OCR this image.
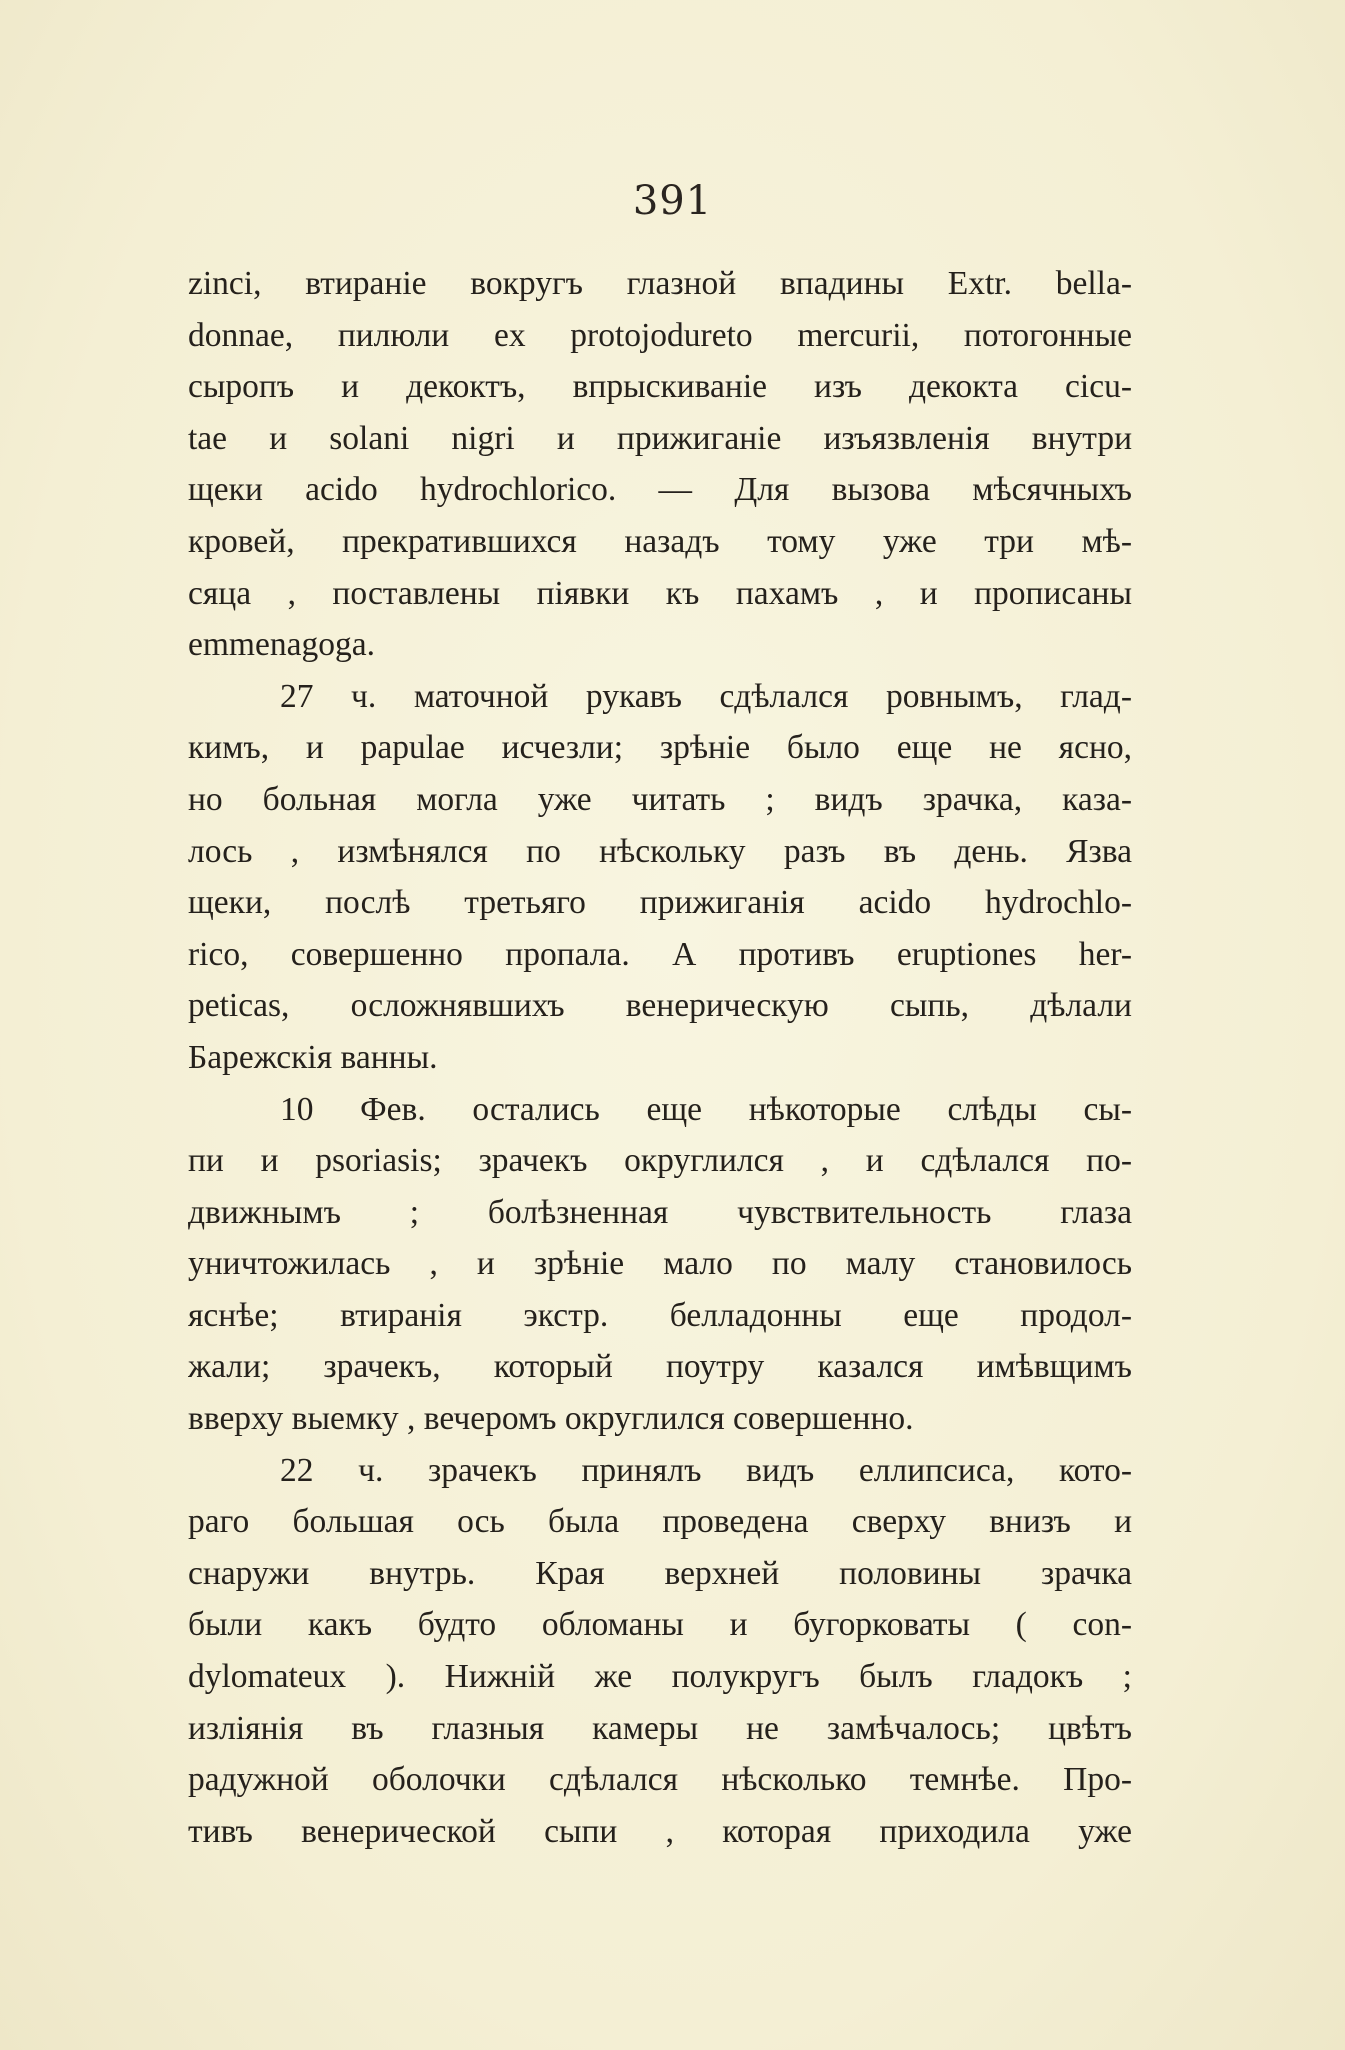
391
zinci, втиранiе вокругъ глазной впадины Extr. bella-
donnae, пилюли ex protojodureto mercurii, потогонные
сыропъ и декоктъ, впрыскиванiе изъ декокта cicu-
tae и solani nigri и прижиганiе изъязвленiя внутри
щеки acido hydrochlorico. — Для вызова мѣсячныхъ
кровей, прекратившихся назадъ тому уже три мѣ-
сяца , поставлены пiявки къ пахамъ , и прописаны
emmenagoga.
27 ч. маточной рукавъ сдѣлался ровнымъ, глад-
кимъ, и papulae исчезли; зрѣнiе было еще не ясно,
но больная могла уже читать ; видъ зрачка, каза-
лось , измѣнялся по нѣскольку разъ въ день. Язва
щеки, послѣ третьяго прижиганiя acido hydrochlo-
rico, совершенно пропала. А противъ eruptiones her-
peticas, осложнявшихъ венерическую сыпь, дѣлали
Барежскiя ванны.
10 Фев. остались еще нѣкоторые слѣды сы-
пи и psoriasis; зрачекъ округлился , и сдѣлался по-
движнымъ ; болѣзненная чувствительность глаза
уничтожилась , и зрѣнiе мало по малу становилось
яснѣе; втиранiя экстр. белладонны еще продол-
жали; зрачекъ, который поутру казался имѣвщимъ
вверху выемку , вечеромъ округлился совершенно.
22 ч. зрачекъ принялъ видъ еллипсиса, кото-
раго большая ось была проведена сверху внизъ и
снаружи внутрь. Края верхней половины зрачка
были какъ будто обломаны и бугорковаты ( con-
dylomateux ). Нижнiй же полукругъ былъ гладокъ ;
излiянiя въ глазныя камеры не замѣчалось; цвѣтъ
радужной оболочки сдѣлался нѣсколько темнѣе. Про-
тивъ венерической сыпи , которая приходила уже
